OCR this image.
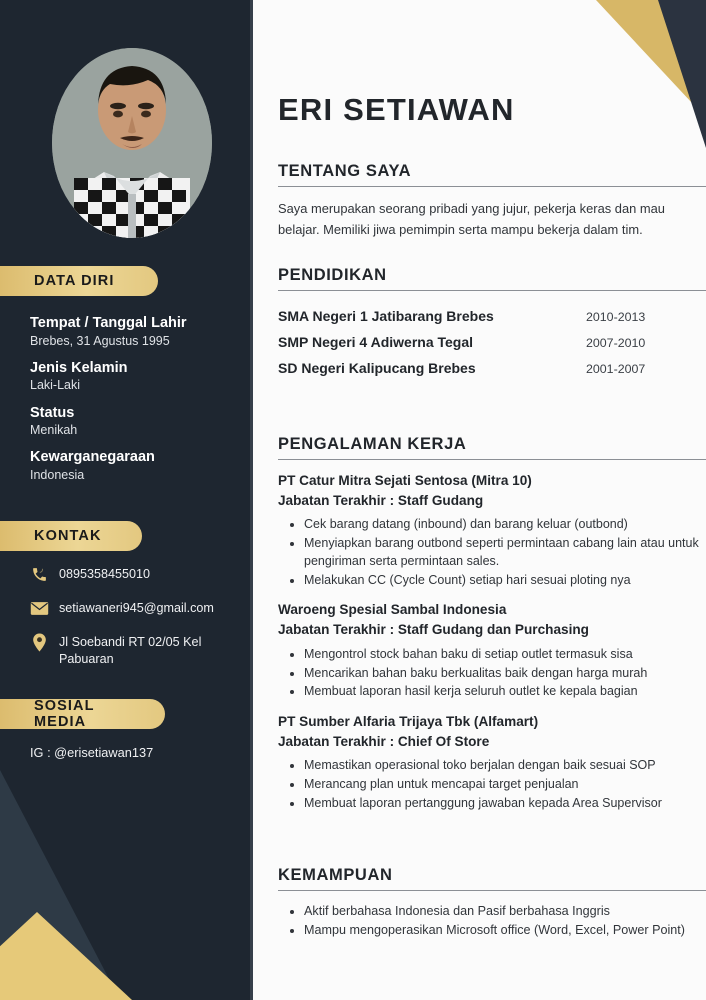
DATA DIRI
Tempat / Tanggal Lahir
Brebes, 31 Agustus 1995
Jenis Kelamin
Laki-Laki
Status
Menikah
Kewarganegaraan
Indonesia
KONTAK
0895358455010
setiawaneri945@gmail.com
Jl Soebandi RT 02/05 Kel Pabuaran
SOSIAL MEDIA
IG : @erisetiawan137
ERI SETIAWAN
TENTANG SAYA
Saya merupakan seorang pribadi yang jujur, pekerja keras dan mau belajar. Memiliki jiwa pemimpin serta mampu bekerja dalam tim.
PENDIDIKAN
SMA Negeri 1 Jatibarang Brebes	2010-2013
SMP Negeri 4 Adiwerna Tegal	2007-2010
SD Negeri Kalipucang Brebes	2001-2007
PENGALAMAN KERJA
PT Catur Mitra Sejati Sentosa (Mitra 10)
Jabatan Terakhir : Staff Gudang
• Cek barang datang (inbound) dan barang keluar (outbond)
• Menyiapkan barang outbond seperti permintaan cabang lain atau untuk pengiriman serta permintaan sales.
• Melakukan CC (Cycle Count) setiap hari sesuai ploting nya
Waroeng Spesial Sambal Indonesia
Jabatan Terakhir : Staff Gudang dan Purchasing
• Mengontrol stock bahan baku di setiap outlet termasuk sisa
• Mencarikan bahan baku berkualitas baik dengan harga murah
• Membuat laporan hasil kerja seluruh outlet ke kepala bagian
PT Sumber Alfaria Trijaya Tbk (Alfamart)
Jabatan Terakhir : Chief Of Store
• Memastikan operasional toko berjalan dengan baik sesuai SOP
• Merancang plan untuk mencapai target penjualan
• Membuat laporan pertanggung jawaban kepada Area Supervisor
KEMAMPUAN
• Aktif berbahasa Indonesia dan Pasif berbahasa Inggris
• Mampu mengoperasikan Microsoft office (Word, Excel, Power Point)
